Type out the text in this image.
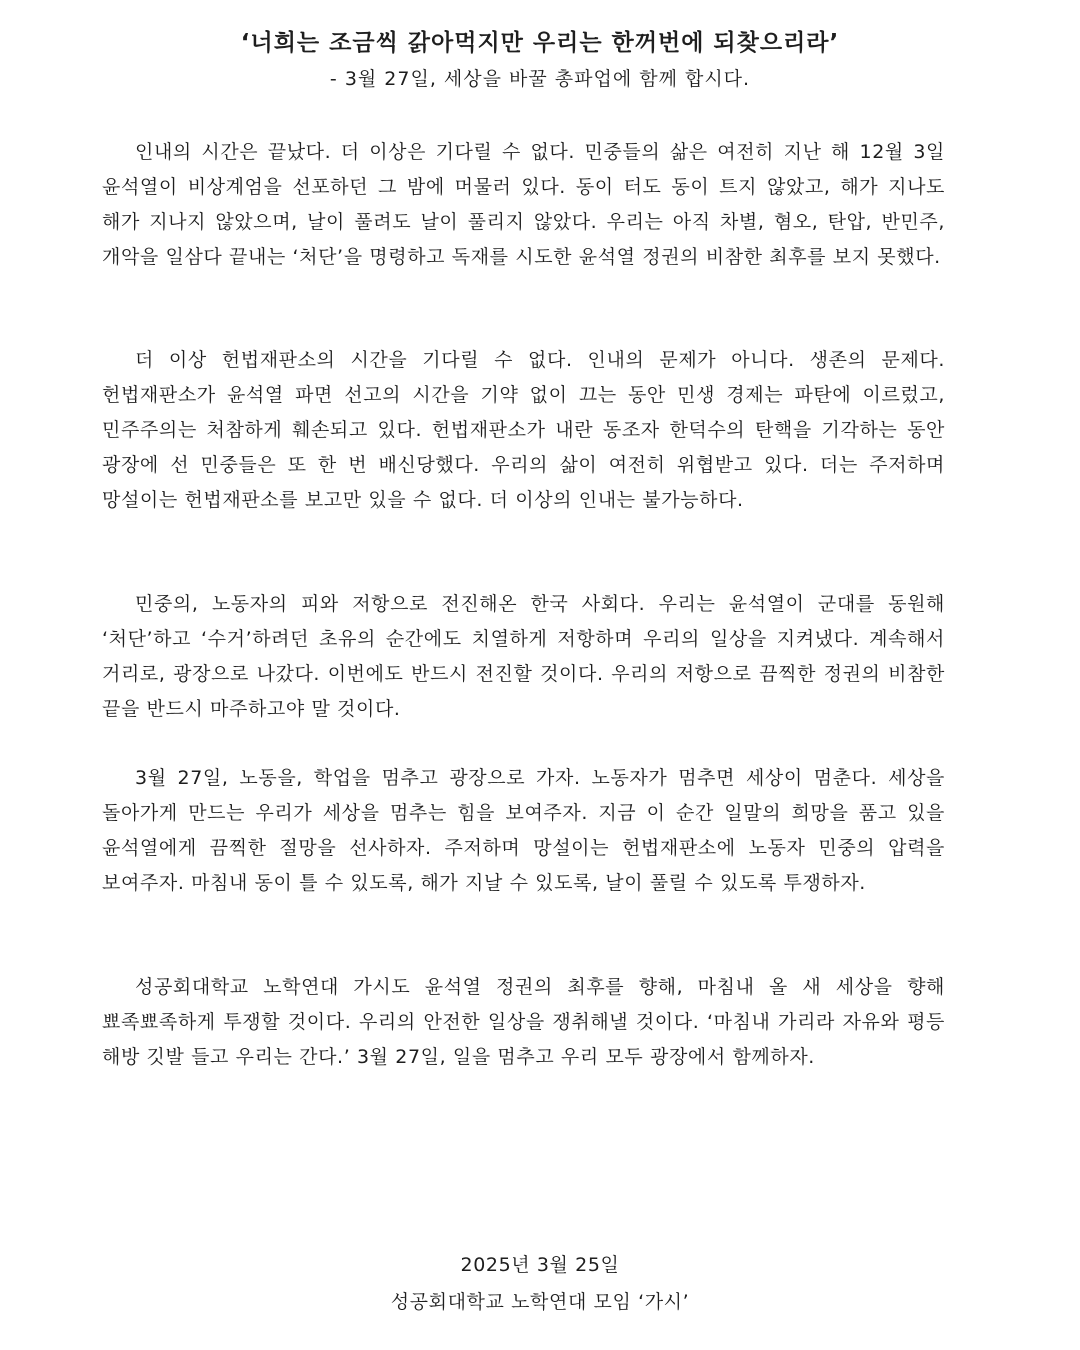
‘너희는 조금씩 갉아먹지만 우리는 한꺼번에 되찾으리라’

- 3월 27일, 세상을 바꿀 총파업에 함께 합시다.

인내의 시간은 끝났다. 더 이상은 기다릴 수 없다. 민중들의 삶은 여전히 지난 해 12월 3일 윤석열이 비상계엄을 선포하던 그 밤에 머물러 있다. 동이 터도 동이 트지 않았고, 해가 지나도 해가 지나지 않았으며, 날이 풀려도 날이 풀리지 않았다. 우리는 아직 차별, 혐오, 탄압, 반민주, 개악을 일삼다 끝내는 ‘처단’을 명령하고 독재를 시도한 윤석열 정권의 비참한 최후를 보지 못했다.

더 이상 헌법재판소의 시간을 기다릴 수 없다. 인내의 문제가 아니다. 생존의 문제다. 헌법재판소가 윤석열 파면 선고의 시간을 기약 없이 끄는 동안 민생 경제는 파탄에 이르렀고, 민주주의는 처참하게 훼손되고 있다. 헌법재판소가 내란 동조자 한덕수의 탄핵을 기각하는 동안 광장에 선 민중들은 또 한 번 배신당했다. 우리의 삶이 여전히 위협받고 있다. 더는 주저하며 망설이는 헌법재판소를 보고만 있을 수 없다. 더 이상의 인내는 불가능하다.

민중의, 노동자의 피와 저항으로 전진해온 한국 사회다. 우리는 윤석열이 군대를 동원해 ‘처단’하고 ‘수거’하려던 초유의 순간에도 치열하게 저항하며 우리의 일상을 지켜냈다. 계속해서 거리로, 광장으로 나갔다. 이번에도 반드시 전진할 것이다. 우리의 저항으로 끔찍한 정권의 비참한 끝을 반드시 마주하고야 말 것이다.

3월 27일, 노동을, 학업을 멈추고 광장으로 가자. 노동자가 멈추면 세상이 멈춘다. 세상을 돌아가게 만드는 우리가 세상을 멈추는 힘을 보여주자. 지금 이 순간 일말의 희망을 품고 있을 윤석열에게 끔찍한 절망을 선사하자. 주저하며 망설이는 헌법재판소에 노동자 민중의 압력을 보여주자. 마침내 동이 틀 수 있도록, 해가 지날 수 있도록, 날이 풀릴 수 있도록 투쟁하자.

성공회대학교 노학연대 가시도 윤석열 정권의 최후를 향해, 마침내 올 새 세상을 향해 뾰족뾰족하게 투쟁할 것이다. 우리의 안전한 일상을 쟁취해낼 것이다. ‘마침내 가리라 자유와 평등 해방 깃발 들고 우리는 간다.’ 3월 27일, 일을 멈추고 우리 모두 광장에서 함께하자.

2025년 3월 25일

성공회대학교 노학연대 모임 ‘가시’
